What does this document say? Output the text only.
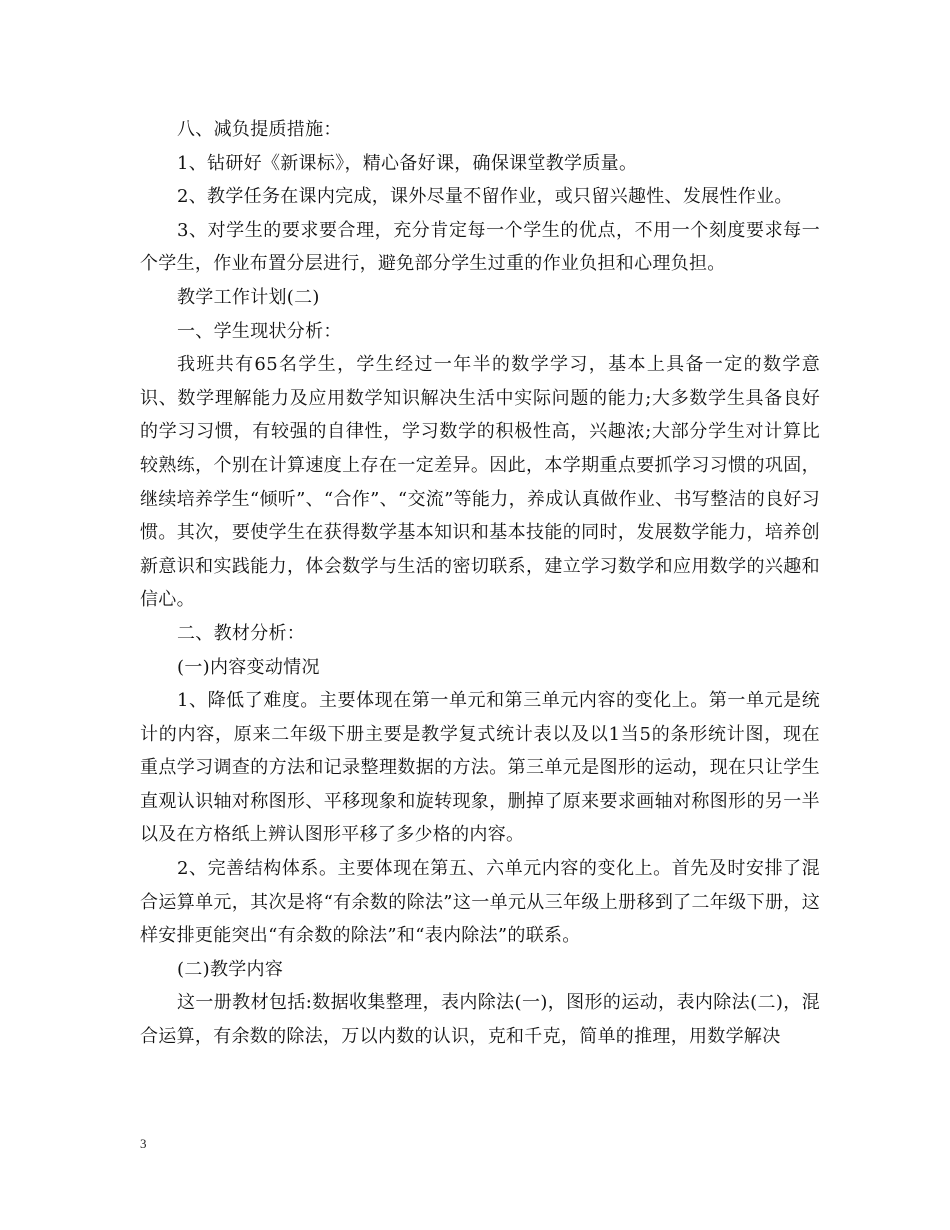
八、减负提质措施：

1、钻研好《新课标》，精心备好课，确保课堂教学质量。

2、教学任务在课内完成，课外尽量不留作业，或只留兴趣性、发展性作业。

3、对学生的要求要合理，充分肯定每一个学生的优点，不用一个刻度要求每一个学生，作业布置分层进行，避免部分学生过重的作业负担和心理负担。

教学工作计划(二)

一、学生现状分析：

我班共有65名学生，学生经过一年半的数学学习，基本上具备一定的数学意识、数学理解能力及应用数学知识解决生活中实际问题的能力;大多数学生具备良好的学习习惯，有较强的自律性，学习数学的积极性高，兴趣浓;大部分学生对计算比较熟练，个别在计算速度上存在一定差异。因此，本学期重点要抓学习习惯的巩固，继续培养学生“倾听”、“合作”、“交流”等能力，养成认真做作业、书写整洁的良好习惯。其次，要使学生在获得数学基本知识和基本技能的同时，发展数学能力，培养创新意识和实践能力，体会数学与生活的密切联系，建立学习数学和应用数学的兴趣和信心。

二、教材分析：

(一)内容变动情况

1、降低了难度。主要体现在第一单元和第三单元内容的变化上。第一单元是统计的内容，原来二年级下册主要是教学复式统计表以及以1当5的条形统计图，现在重点学习调查的方法和记录整理数据的方法。第三单元是图形的运动，现在只让学生直观认识轴对称图形、平移现象和旋转现象，删掉了原来要求画轴对称图形的另一半以及在方格纸上辨认图形平移了多少格的内容。

2、完善结构体系。主要体现在第五、六单元内容的变化上。首先及时安排了混合运算单元，其次是将“有余数的除法”这一单元从三年级上册移到了二年级下册，这样安排更能突出“有余数的除法”和“表内除法”的联系。

(二)教学内容

这一册教材包括:数据收集整理，表内除法(一)，图形的运动，表内除法(二)，混合运算，有余数的除法，万以内数的认识，克和千克，简单的推理，用数学解决

3
